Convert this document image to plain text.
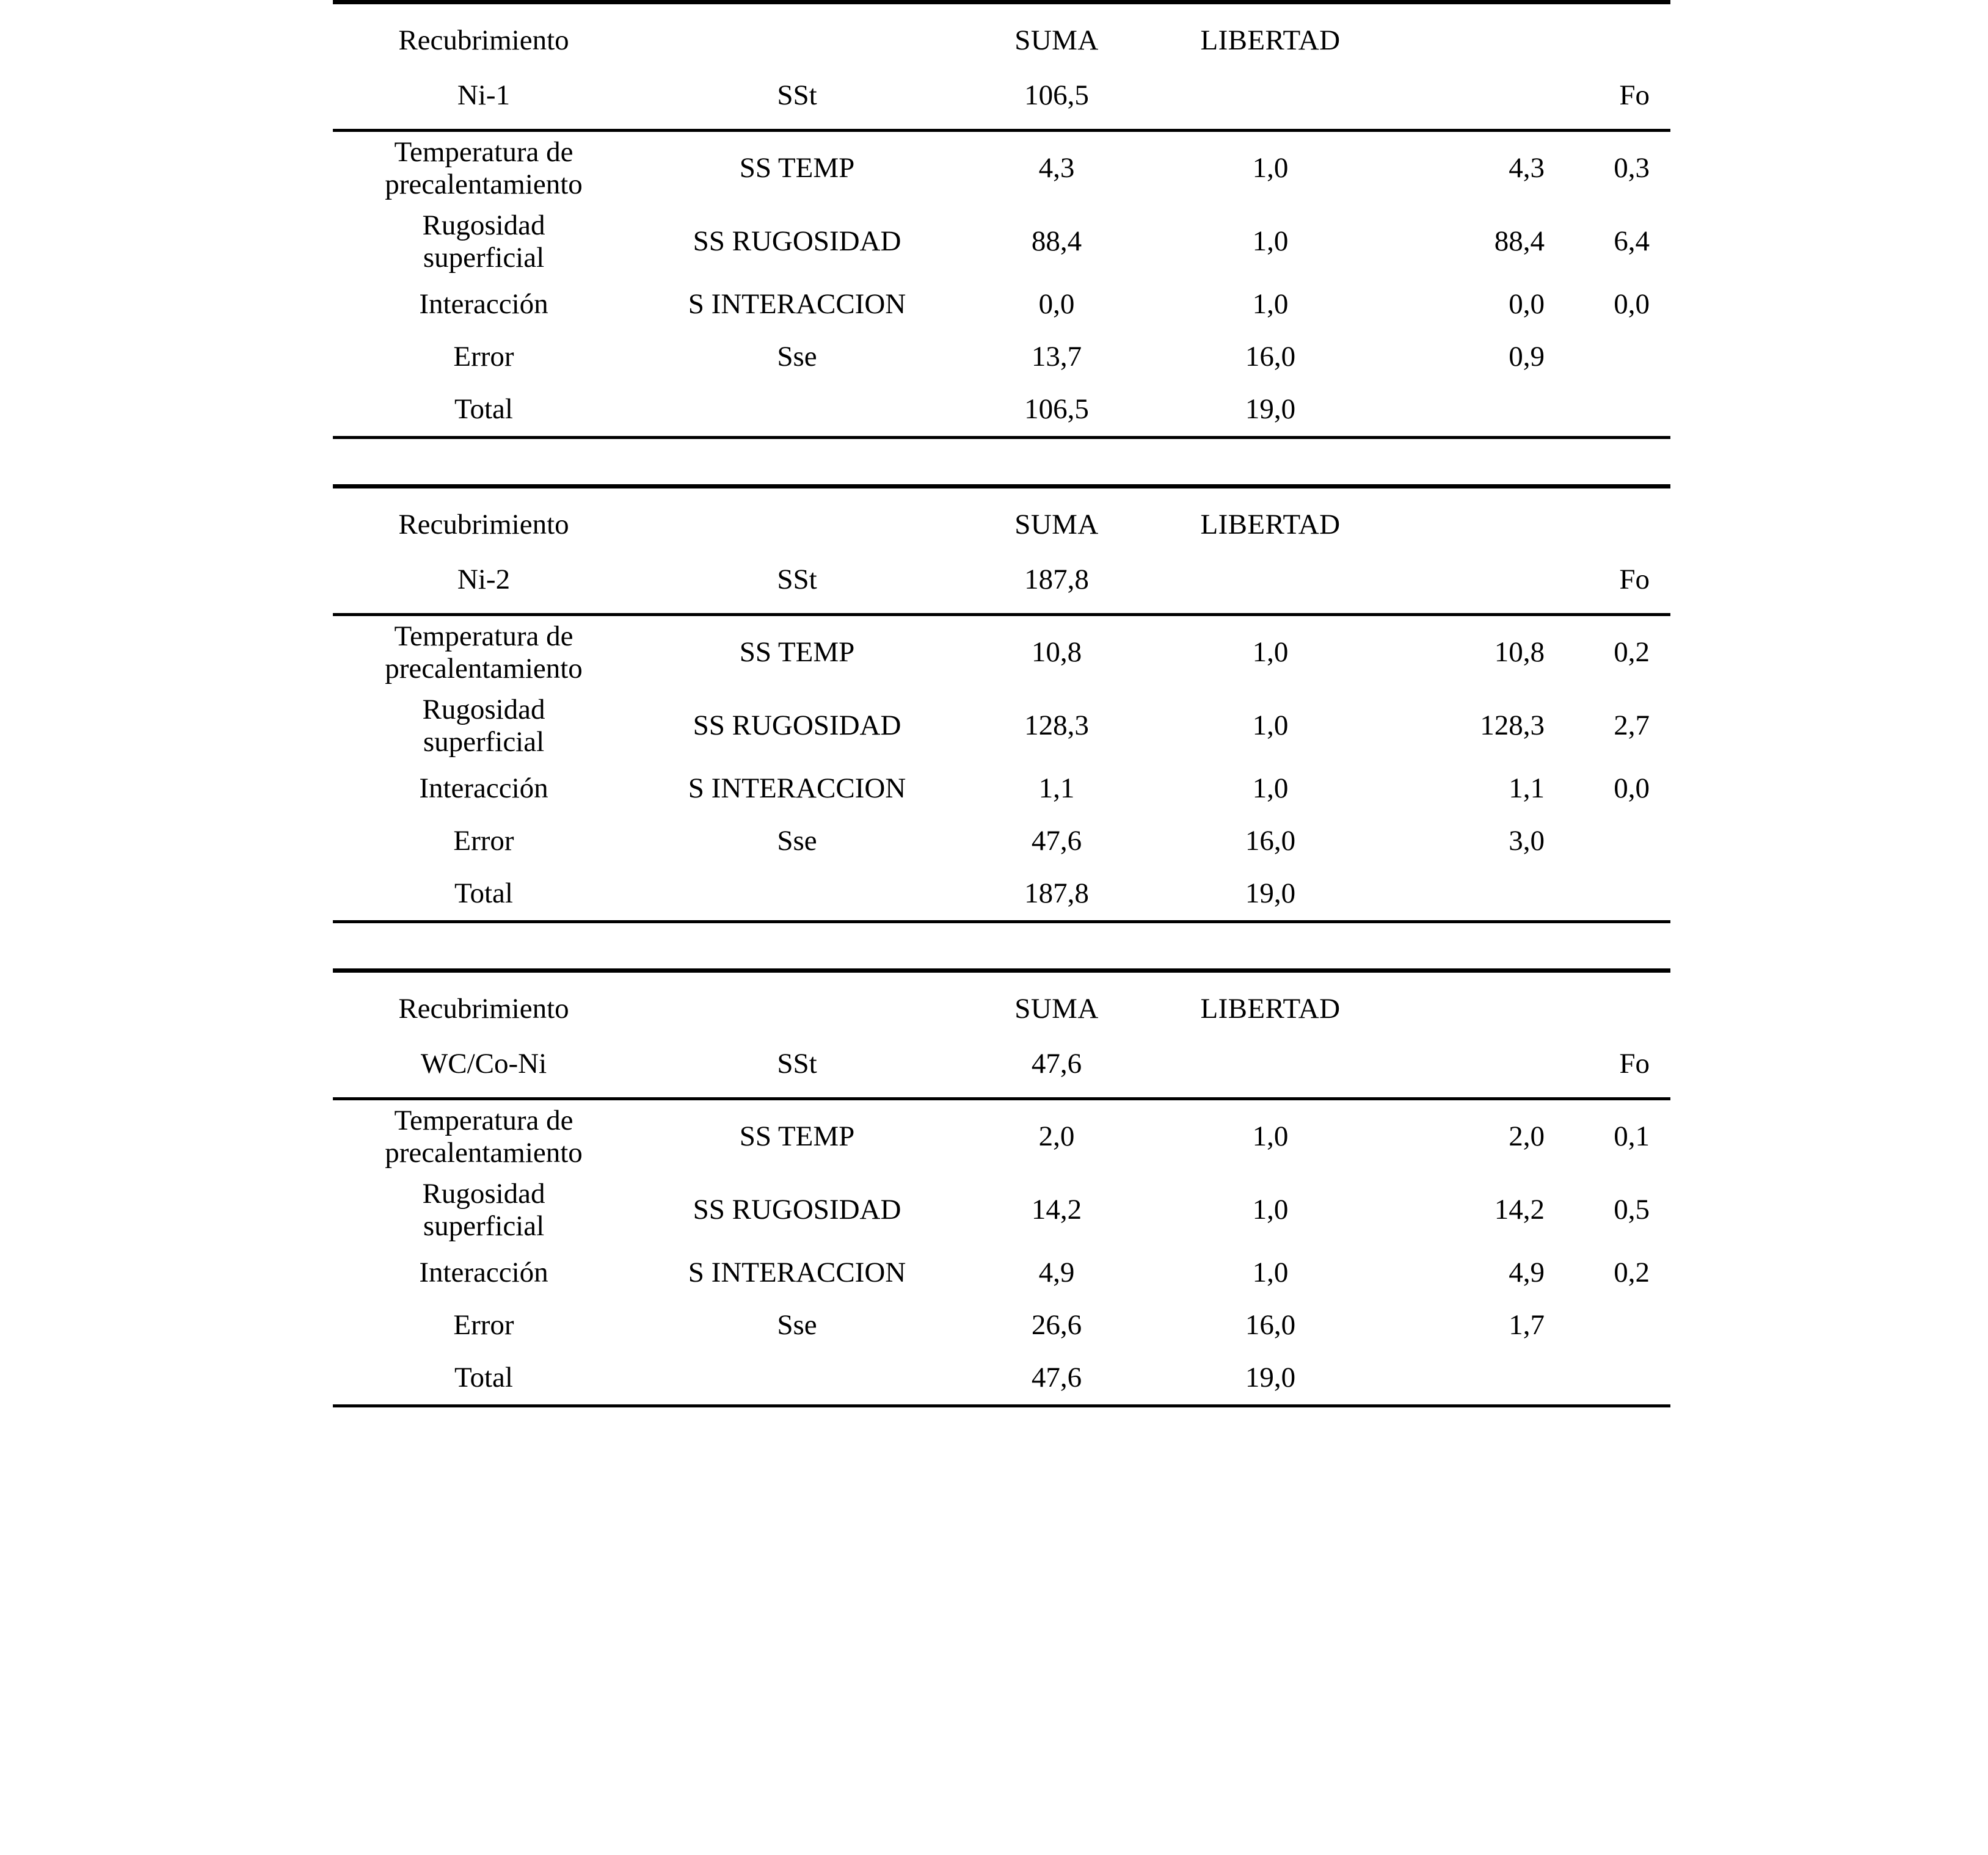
Recubrimiento		SUMA	LIBERTAD		
Ni-1	SSt	106,5			Fo

Temperatura de
precalentamiento	SS TEMP	4,3	1,0	4,3	0,3

Rugosidad
superficial	SS RUGOSIDAD	88,4	1,0	88,4	6,4
Interacción	S INTERACCION	0,0	1,0	0,0	0,0
Error	Sse	13,7	16,0	0,9	
Total		106,5	19,0		
Recubrimiento		SUMA	LIBERTAD		
Ni-2	SSt	187,8			Fo

Temperatura de
precalentamiento	SS TEMP	10,8	1,0	10,8	0,2

Rugosidad
superficial	SS RUGOSIDAD	128,3	1,0	128,3	2,7
Interacción	S INTERACCION	1,1	1,0	1,1	0,0
Error	Sse	47,6	16,0	3,0	
Total		187,8	19,0		
Recubrimiento		SUMA	LIBERTAD		
WC/Co-Ni	SSt	47,6			Fo

Temperatura de
precalentamiento	SS TEMP	2,0	1,0	2,0	0,1

Rugosidad
superficial	SS RUGOSIDAD	14,2	1,0	14,2	0,5
Interacción	S INTERACCION	4,9	1,0	4,9	0,2
Error	Sse	26,6	16,0	1,7	
Total		47,6	19,0		
